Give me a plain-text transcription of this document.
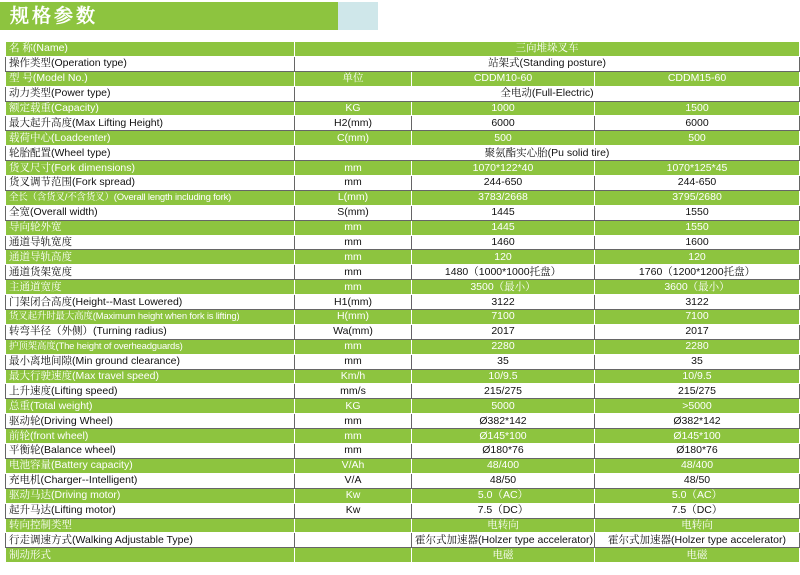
规格参数
名 称(Name)	三向堆垛叉车		
操作类型(Operation type)	站架式(Standing posture)		
型 号(Model No.)	单位	CDDM10-60	CDDM15-60
动力类型(Power type)	全电动(Full-Electric)		
额定载重(Capacity)	KG	1000	1500
最大起升高度(Max Lifting Height)	H2(mm)	6000	6000
载荷中心(Loadcenter)	C(mm)	500	500
轮胎配置(Wheel type)	聚氨酯实心胎(Pu solid tire)		
货叉尺寸(Fork dimensions)	mm	1070*122*40	1070*125*45
货叉调节范围(Fork spread)	mm	244-650	244-650
全长（含货叉/不含货叉）(Overall length including fork)	L(mm)	3783/2668	3795/2680
全宽(Overall width)	S(mm)	1445	1550
导向轮外宽	mm	1445	1550
通道导轨宽度	mm	1460	1600
通道导轨高度	mm	120	120
通道货架宽度	mm	1480（1000*1000托盘）	1760（1200*1200托盘）
主通道宽度	mm	3500（最小）	3600（最小）
门架闭合高度(Height--Mast Lowered)	H1(mm)	3122	3122
货叉起升时最大高度(Maximum height when fork is lifting)	H(mm)	7100	7100
转弯半径（外侧）(Turning radius)	Wa(mm)	2017	2017
护顶架高度(The height of overheadguards)	mm	2280	2280
最小离地间隙(Min ground clearance)	mm	35	35
最大行驶速度(Max travel speed)	Km/h	10/9.5	10/9.5
上升速度(Lifting speed)	mm/s	215/275	215/275
总重(Total weight)	KG	5000	>5000
驱动轮(Driving Wheel)	mm	Ø382*142	Ø382*142
前轮(front wheel)	mm	Ø145*100	Ø145*100
平衡轮(Balance wheel)	mm	Ø180*76	Ø180*76
电池容量(Battery capacity)	V/Ah	48/400	48/400
充电机(Charger--Intelligent)	V/A	48/50	48/50
驱动马达(Driving motor)	Kw	5.0（AC）	5.0（AC）
起升马达(Lifting motor)	Kw	7.5（DC）	7.5（DC）
转向控制类型		电转向	电转向
行走调速方式(Walking Adjustable Type)		霍尔式加速器(Holzer type accelerator)	霍尔式加速器(Holzer type accelerator)
制动形式		电磁	电磁
